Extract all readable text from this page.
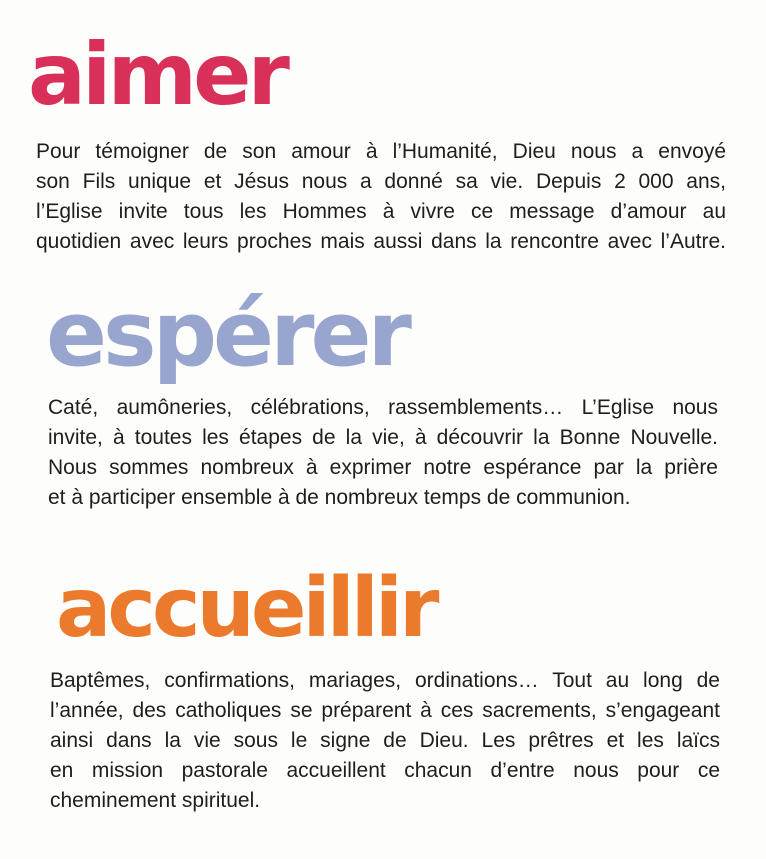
aimer

Pour témoigner de son amour à l’Humanité, Dieu nous a envoyé
son Fils unique et Jésus nous a donné sa vie. Depuis 2 000 ans,
l’Eglise invite tous les Hommes à vivre ce message d’amour au
quotidien avec leurs proches mais aussi dans la rencontre avec l’Autre.

espérer

Caté, aumôneries, célébrations, rassemblements… L’Eglise nous
invite, à toutes les étapes de la vie, à découvrir la Bonne Nouvelle.
Nous sommes nombreux à exprimer notre espérance par la prière
et à participer ensemble à de nombreux temps de communion.

accueillir

Baptêmes, confirmations, mariages, ordinations… Tout au long de
l’année, des catholiques se préparent à ces sacrements, s’engageant
ainsi dans la vie sous le signe de Dieu. Les prêtres et les laïcs
en mission pastorale accueillent chacun d’entre nous pour ce
cheminement spirituel.
